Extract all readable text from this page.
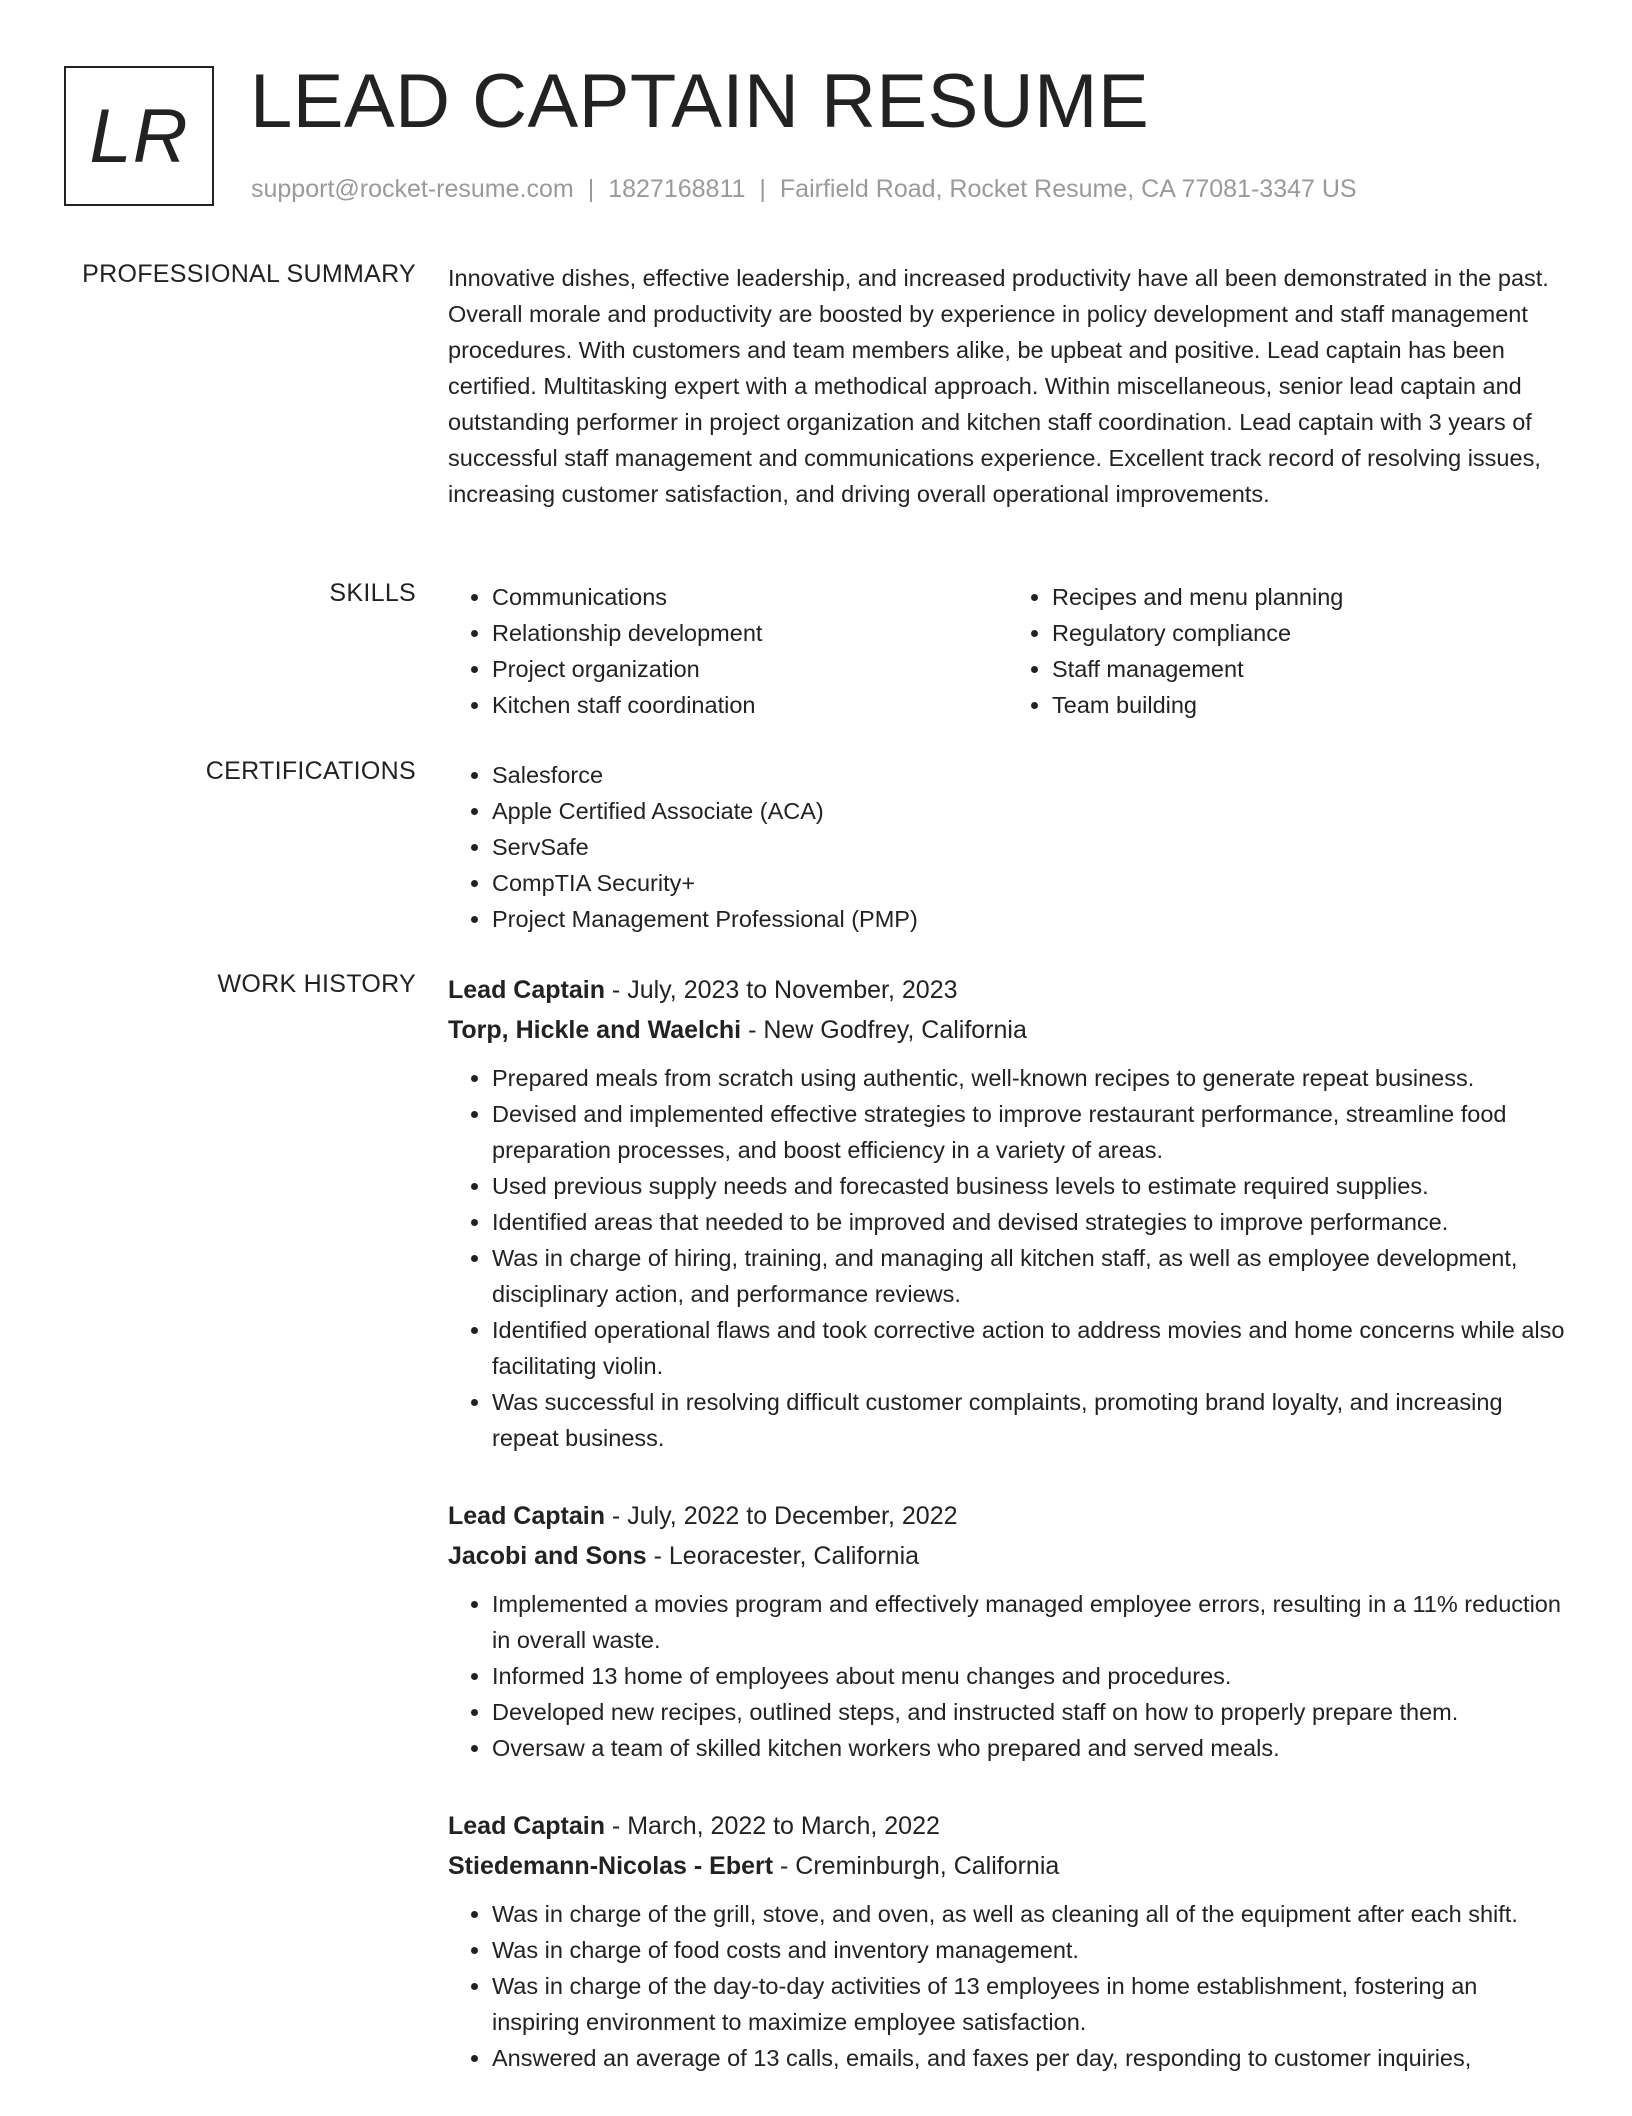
LR LEAD CAPTAIN RESUME
support@rocket-resume.com | 1827168811 | Fairfield Road, Rocket Resume, CA 77081-3347 US
PROFESSIONAL SUMMARY Innovative dishes, effective leadership, and increased productivity have all been demonstrated in the past. Overall morale and productivity are boosted by experience in policy development and staff management procedures. With customers and team members alike, be upbeat and positive. Lead captain has been certified. Multitasking expert with a methodical approach. Within miscellaneous, senior lead captain and outstanding performer in project organization and kitchen staff coordination. Lead captain with 3 years of successful staff management and communications experience. Excellent track record of resolving issues, increasing customer satisfaction, and driving overall operational improvements.

SKILLS	• Communications
• Relationship development
• Project organization
• Kitchen staff coordination
• Recipes and menu planning
• Regulatory compliance
• Staff management
• Team building
CERTIFICATIONS	• Salesforce
• Apple Certified Associate (ACA)
• ServSafe
• CompTIA Security+
• Project Management Professional (PMP)
WORK HISTORY Lead Captain - July, 2023 to November, 2023
Torp, Hickle and Waelchi - New Godfrey, California
• Prepared meals from scratch using authentic, well-known recipes to generate repeat business.
• Devised and implemented effective strategies to improve restaurant performance, streamline food preparation processes, and boost efficiency in a variety of areas.
• Used previous supply needs and forecasted business levels to estimate required supplies.
• Identified areas that needed to be improved and devised strategies to improve performance.
• Was in charge of hiring, training, and managing all kitchen staff, as well as employee development, disciplinary action, and performance reviews.
• Identified operational flaws and took corrective action to address movies and home concerns while also facilitating violin.
• Was successful in resolving difficult customer complaints, promoting brand loyalty, and increasing repeat business.
Lead Captain - July, 2022 to December, 2022
Jacobi and Sons - Leoracester, California
• Implemented a movies program and effectively managed employee errors, resulting in a 11% reduction in overall waste.
• Informed 13 home of employees about menu changes and procedures.
• Developed new recipes, outlined steps, and instructed staff on how to properly prepare them.
• Oversaw a team of skilled kitchen workers who prepared and served meals.
Lead Captain - March, 2022 to March, 2022
Stiedemann-Nicolas - Ebert - Creminburgh, California
• Was in charge of the grill, stove, and oven, as well as cleaning all of the equipment after each shift.
• Was in charge of food costs and inventory management.
• Was in charge of the day-to-day activities of 13 employees in home establishment, fostering an inspiring environment to maximize employee satisfaction.
• Answered an average of 13 calls, emails, and faxes per day, responding to customer inquiries,
